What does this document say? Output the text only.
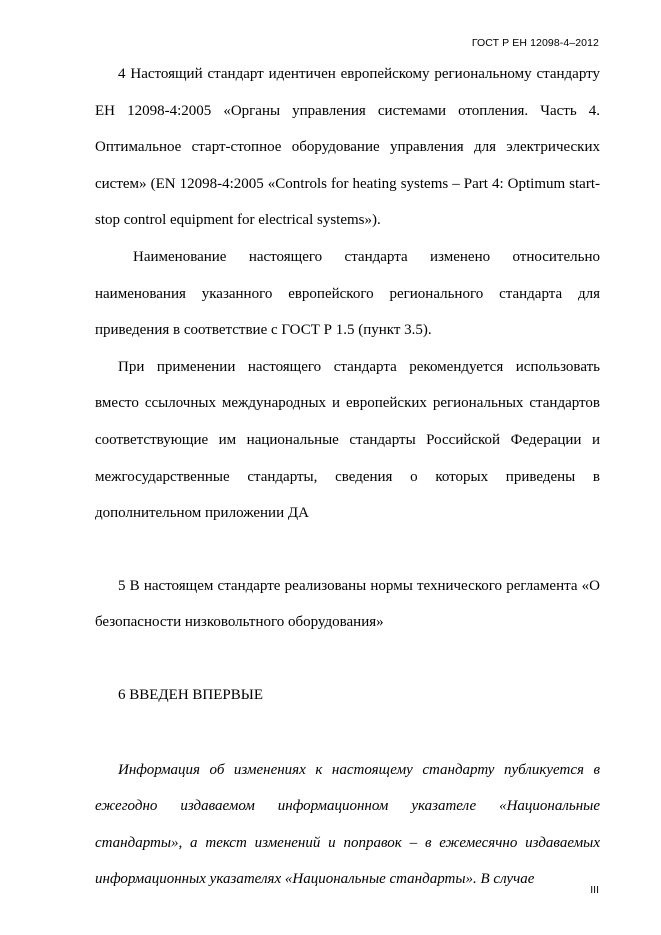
ГОСТ Р ЕН 12098-4–2012

4 Настоящий стандарт идентичен европейскому региональному стандарту ЕН 12098-4:2005 «Органы управления системами отопления. Часть 4. Оптимальное старт-стопное оборудование управления для электрических систем» (EN 12098-4:2005 «Controls for heating systems – Part 4: Optimum start-stop control equipment for electrical systems»).

Наименование настоящего стандарта изменено относительно наименования указанного европейского регионального стандарта для приведения в соответствие с ГОСТ Р 1.5 (пункт 3.5).

При применении настоящего стандарта рекомендуется использовать вместо ссылочных международных и европейских региональных стандартов соответствующие им национальные стандарты Российской Федерации и межгосударственные стандарты, сведения о которых приведены в дополнительном приложении ДА

5 В настоящем стандарте реализованы нормы технического регламента «О безопасности низковольтного оборудования»

6 ВВЕДЕН ВПЕРВЫЕ

Информация об изменениях к настоящему стандарту публикуется в ежегодно издаваемом информационном указателе «Национальные стандарты», а текст изменений и поправок – в ежемесячно издаваемых информационных указателях «Национальные стандарты». В случае

III
